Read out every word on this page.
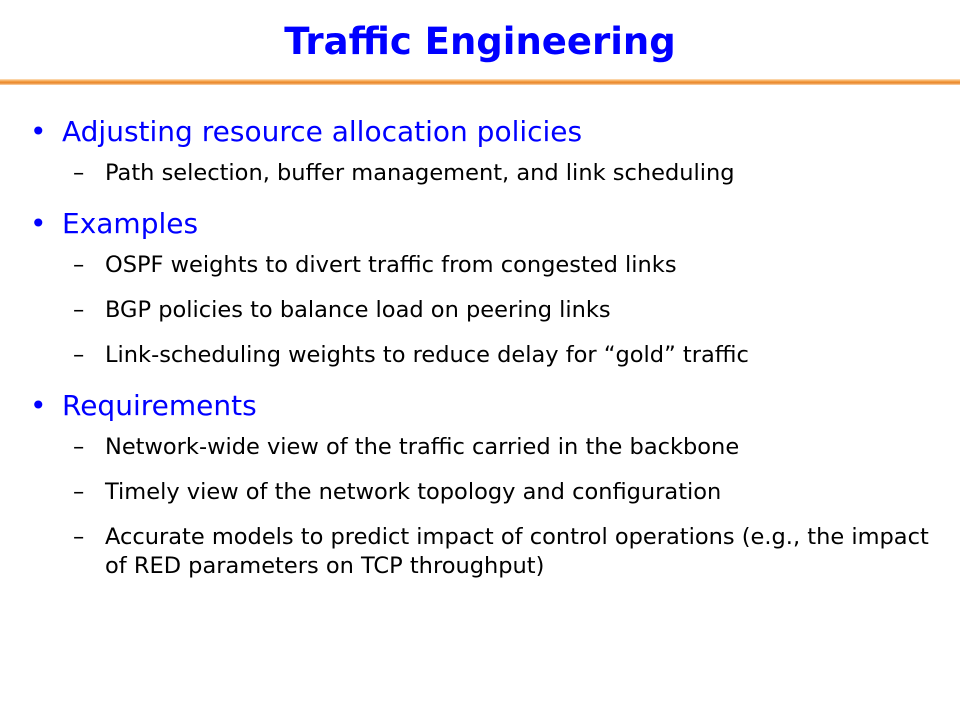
Traffic Engineering
• Adjusting resource allocation policies
– Path selection, buffer management, and link scheduling
• Examples
– OSPF weights to divert traffic from congested links
– BGP policies to balance load on peering links
– Link-scheduling weights to reduce delay for “gold” traffic
• Requirements
– Network-wide view of the traffic carried in the backbone
– Timely view of the network topology and configuration
– Accurate models to predict impact of control operations (e.g., the impact of RED parameters on TCP throughput)
